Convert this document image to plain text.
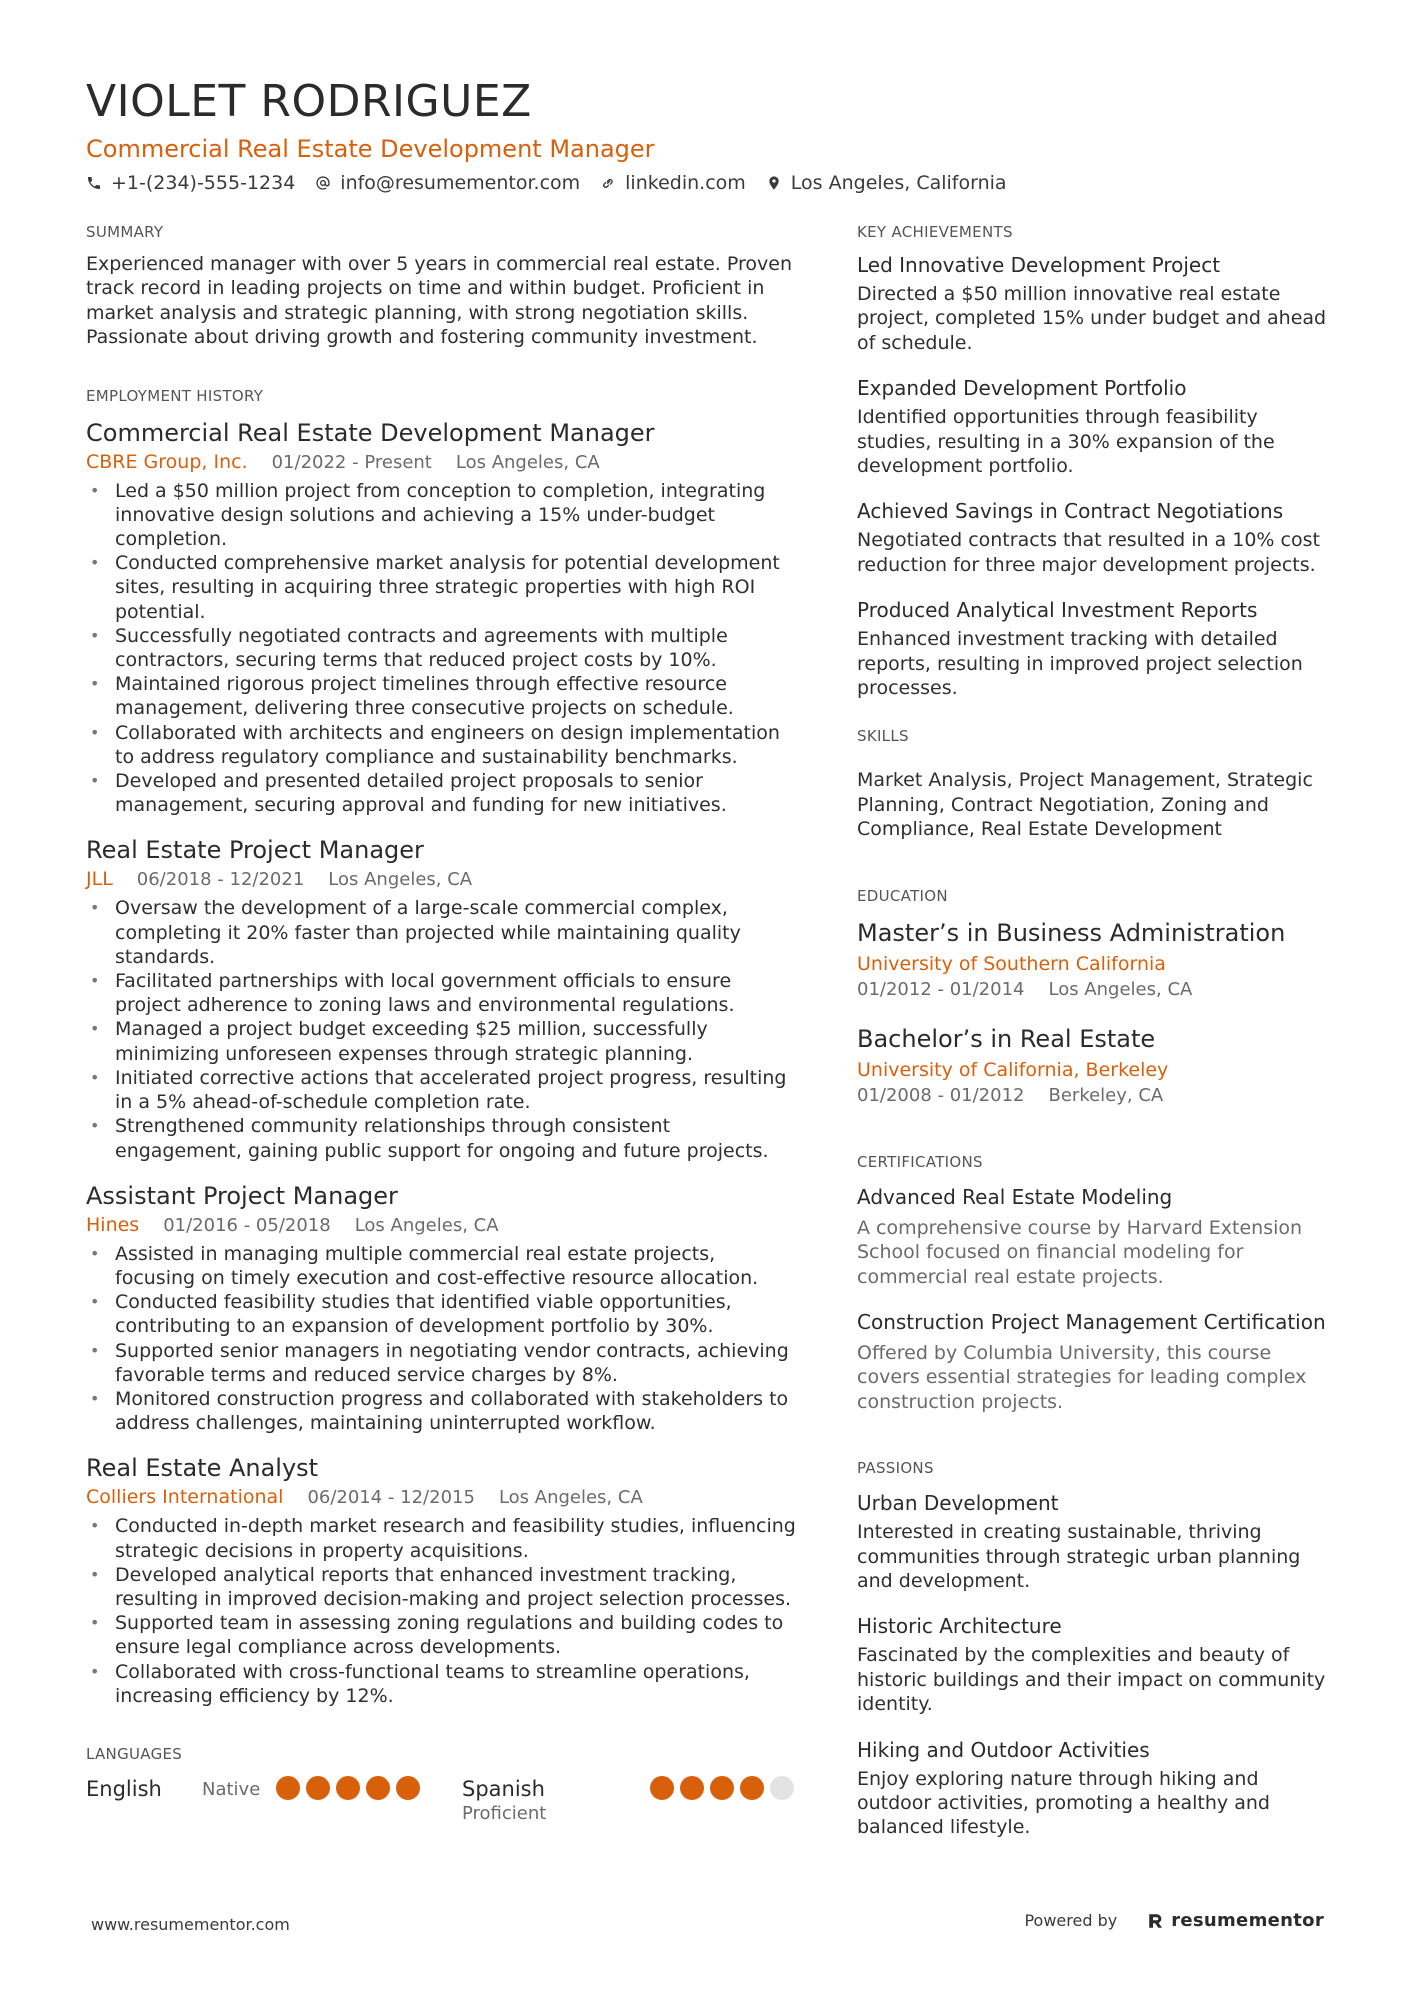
VIOLET RODRIGUEZ
Commercial Real Estate Development Manager
+1-(234)-555-1234 info@resumementor.com linkedin.com Los Angeles, California
SUMMARY
Experienced manager with over 5 years in commercial real estate. Proven track record in leading projects on time and within budget. Proficient in market analysis and strategic planning, with strong negotiation skills. Passionate about driving growth and fostering community investment.
EMPLOYMENT HISTORY
Commercial Real Estate Development Manager
CBRE Group, Inc. 01/2022 - Present Los Angeles, CA
• Led a $50 million project from conception to completion, integrating innovative design solutions and achieving a 15% under-budget completion.
• Conducted comprehensive market analysis for potential development sites, resulting in acquiring three strategic properties with high ROI potential.
• Successfully negotiated contracts and agreements with multiple contractors, securing terms that reduced project costs by 10%.
• Maintained rigorous project timelines through effective resource management, delivering three consecutive projects on schedule.
• Collaborated with architects and engineers on design implementation to address regulatory compliance and sustainability benchmarks.
• Developed and presented detailed project proposals to senior management, securing approval and funding for new initiatives.
Real Estate Project Manager
JLL 06/2018 - 12/2021 Los Angeles, CA
• Oversaw the development of a large-scale commercial complex, completing it 20% faster than projected while maintaining quality standards.
• Facilitated partnerships with local government officials to ensure project adherence to zoning laws and environmental regulations.
• Managed a project budget exceeding $25 million, successfully minimizing unforeseen expenses through strategic planning.
• Initiated corrective actions that accelerated project progress, resulting in a 5% ahead-of-schedule completion rate.
• Strengthened community relationships through consistent engagement, gaining public support for ongoing and future projects.
Assistant Project Manager
Hines 01/2016 - 05/2018 Los Angeles, CA
• Assisted in managing multiple commercial real estate projects, focusing on timely execution and cost-effective resource allocation.
• Conducted feasibility studies that identified viable opportunities, contributing to an expansion of development portfolio by 30%.
• Supported senior managers in negotiating vendor contracts, achieving favorable terms and reduced service charges by 8%.
• Monitored construction progress and collaborated with stakeholders to address challenges, maintaining uninterrupted workflow.
Real Estate Analyst
Colliers International 06/2014 - 12/2015 Los Angeles, CA
• Conducted in-depth market research and feasibility studies, influencing strategic decisions in property acquisitions.
• Developed analytical reports that enhanced investment tracking, resulting in improved decision-making and project selection processes.
• Supported team in assessing zoning regulations and building codes to ensure legal compliance across developments.
• Collaborated with cross-functional teams to streamline operations, increasing efficiency by 12%.
LANGUAGES
English	Native	Spanish
Proficient
KEY ACHIEVEMENTS
Led Innovative Development Project
Directed a $50 million innovative real estate project, completed 15% under budget and ahead of schedule.
Expanded Development Portfolio
Identified opportunities through feasibility studies, resulting in a 30% expansion of the development portfolio.
Achieved Savings in Contract Negotiations
Negotiated contracts that resulted in a 10% cost reduction for three major development projects.
Produced Analytical Investment Reports
Enhanced investment tracking with detailed reports, resulting in improved project selection processes.
SKILLS
Market Analysis, Project Management, Strategic Planning, Contract Negotiation, Zoning and Compliance, Real Estate Development
EDUCATION
Master’s in Business Administration
University of Southern California
01/2012 - 01/2014 Los Angeles, CA
Bachelor’s in Real Estate
University of California, Berkeley
01/2008 - 01/2012 Berkeley, CA
CERTIFICATIONS
Advanced Real Estate Modeling
A comprehensive course by Harvard Extension School focused on financial modeling for commercial real estate projects.
Construction Project Management Certification
Offered by Columbia University, this course covers essential strategies for leading complex construction projects.
PASSIONS
Urban Development
Interested in creating sustainable, thriving communities through strategic urban planning and development.
Historic Architecture
Fascinated by the complexities and beauty of historic buildings and their impact on community identity.
Hiking and Outdoor Activities
Enjoy exploring nature through hiking and outdoor activities, promoting a healthy and balanced lifestyle.
www.resumementor.com	Powered by	resumementor
